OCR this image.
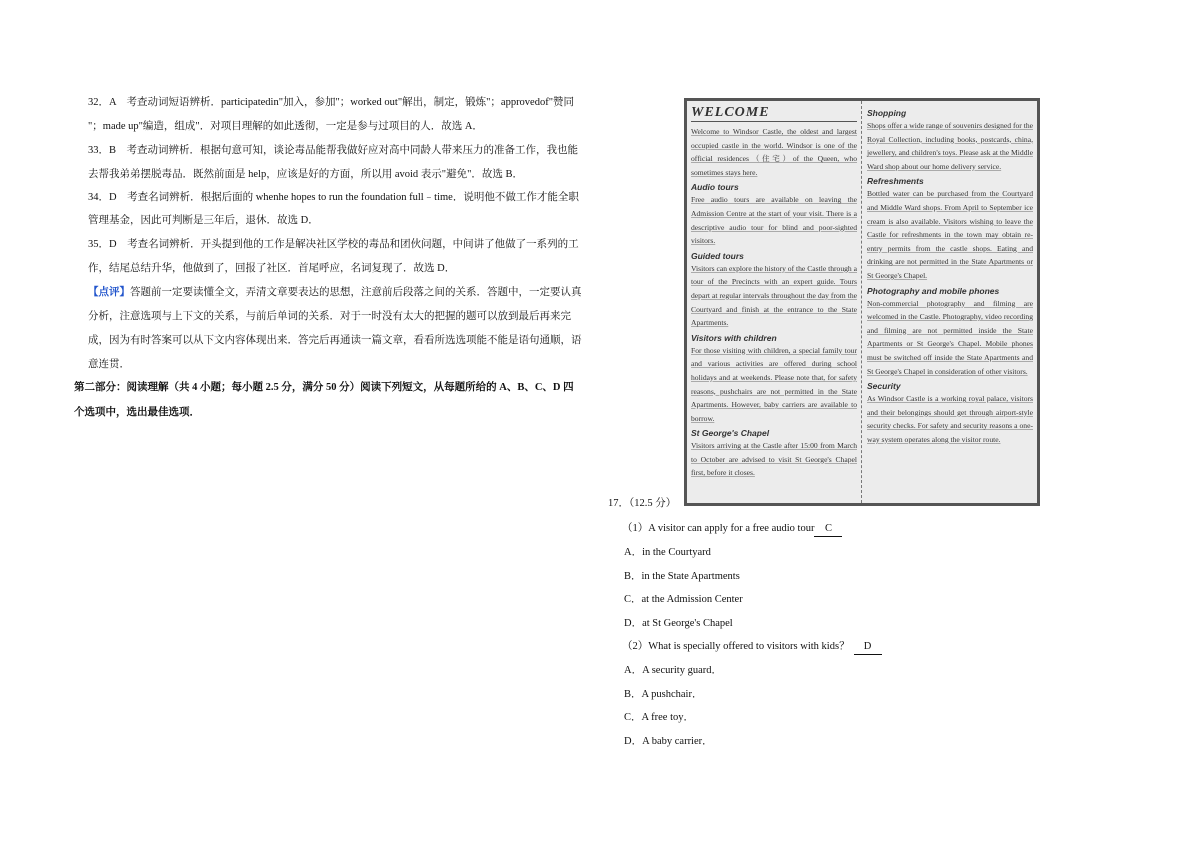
32．A　考查动词短语辨析．participatedin"加入，参加"；worked out"解出，制定，锻炼"；approvedof"赞同
"；made up"编造，组成"．对项目理解的如此透彻，一定是参与过项目的人．故选 A．
33．B　考查动词辨析．根据句意可知，谈论毒品能帮我做好应对高中同龄人带来压力的准备工作，我也能
去帮我弟弟摆脱毒品．既然前面是 help，应该是好的方面，所以用 avoid 表示"避免"．故选 B．
34．D　考查名词辨析．根据后面的 whenhe hopes to run the foundation full﹣time．说明他不做工作才能全职
管理基金，因此可判断是三年后，退休．故选 D．
35．D　考查名词辨析．开头提到他的工作是解决社区学校的毒品和团伙问题，中间讲了他做了一系列的工
作，结尾总结升华，他做到了，回报了社区．首尾呼应，名词复现了．故选 D．
【点评】答题前一定要读懂全文，弄清文章要表达的思想，注意前后段落之间的关系．答题中，一定要认真
分析，注意选项与上下文的关系，与前后单词的关系．对于一时没有太大的把握的题可以放到最后再来完
成，因为有时答案可以从下文内容体现出来．答完后再通读一篇文章，看看所选选项能不能是语句通顺，语
意连贯．
第二部分：阅读理解（共 4 小题；每小题 2.5 分，满分 50 分）阅读下列短文，从每题所给的 A、B、C、D 四
个选项中，选出最佳选项．
WELCOME
Welcome to Windsor Castle, the oldest and largest occupied castle in the world. Windsor is one of the official residences（住宅）of the Queen, who sometimes stays here.
Audio tours
Free audio tours are available on leaving the Admission Centre at the start of your visit. There is a descriptive audio tour for blind and poor-sighted visitors.
Guided tours
Visitors can explore the history of the Castle through a tour of the Precincts with an expert guide. Tours depart at regular intervals throughout the day from the Courtyard and finish at the entrance to the State Apartments.
Visitors with children
For those visiting with children, a special family tour and various activities are offered during school holidays and at weekends. Please note that, for safety reasons, pushchairs are not permitted in the State Apartments. However, baby carriers are available to borrow.
St George's Chapel
Visitors arriving at the Castle after 15:00 from March to October are advised to visit St George's Chapel first, before it closes.
Shopping
Shops offer a wide range of souvenirs designed for the Royal Collection, including books, postcards, china, jewellery, and children's toys. Please ask at the Middle Ward shop about our home delivery service.
Refreshments
Bottled water can be purchased from the Courtyard and Middle Ward shops. From April to September ice cream is also available. Visitors wishing to leave the Castle for refreshments in the town may obtain re-entry permits from the castle shops. Eating and drinking are not permitted in the State Apartments or St George's Chapel.
Photography and mobile phones
Non-commercial photography and filming are welcomed in the Castle. Photography, video recording and filming are not permitted inside the State Apartments or St George's Chapel. Mobile phones must be switched off inside the State Apartments and St George's Chapel in consideration of other visitors.
Security
As Windsor Castle is a working royal palace, visitors and their belongings should get through airport-style security checks. For safety and security reasons a one-way system operates along the visitor route.
17．（12.5 分）
（1）A visitor can apply for a free audio tour C
A．in the Courtyard
B．in the State Apartments
C．at the Admission Center
D．at St George's Chapel
（2）What is specially offered to visitors with kids？ D
A．A security guard．
B．A pushchair．
C．A free toy．
D．A baby carrier．
